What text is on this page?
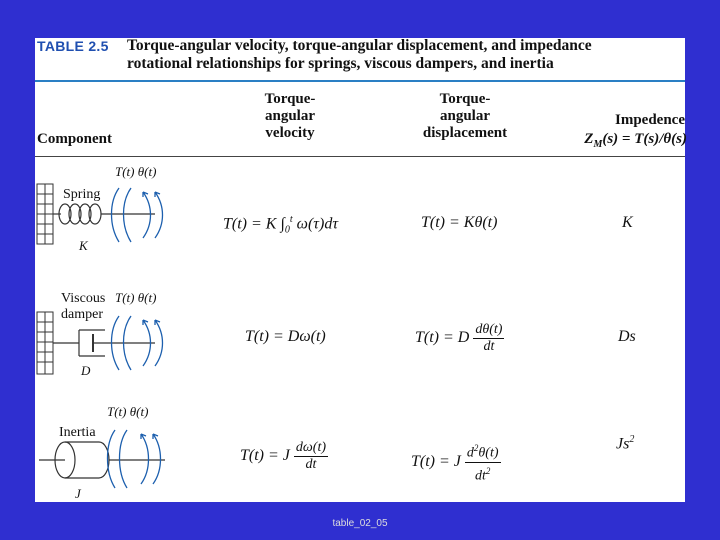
TABLE 2.5 Torque-angular velocity, torque-angular displacement, and impedance
rotational relationships for springs, viscous dampers, and inertia
Component
Torque-
angular
velocity
Torque-
angular
displacement
Impedence
$Z_M(s) = T(s)/\theta(s)$
Spring
K
T(t) θ(t)
T(t) = K $\int_0^t$ ω(τ)dτ	T(t) = Kθ(t)	K
Viscous
damper
D
T(t) θ(t)
T(t) = Dω(t)	T(t) = D $\frac{d\theta(t)}{dt}$	Ds
Inertia
J
T(t) θ(t)
T(t) = J $\frac{d\omega(t)}{dt}$	T(t) = J $\frac{d^2\theta(t)}{dt^2}$	Js$^2$
table_02_05
